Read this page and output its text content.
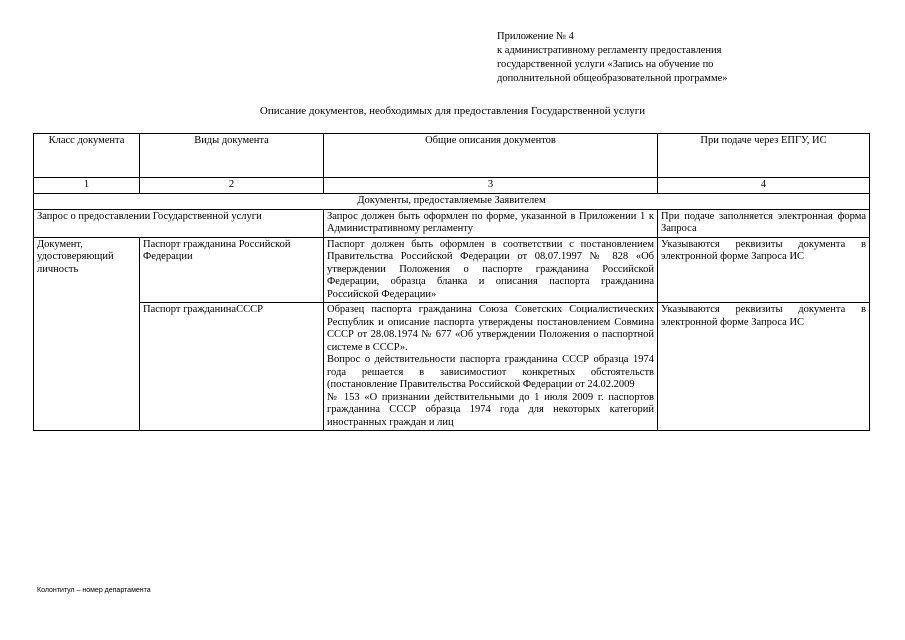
Приложение № 4
к административному регламенту предоставления
государственной услуги «Запись на обучение по
дополнительной общеобразовательной программе»
Описание документов, необходимых для предоставления Государственной услуги
Класс документа	Виды документа	Общие описания документов	При подаче через ЕПГУ, ИС
1	2	3	4
Документы, предоставляемые Заявителем			
Запрос о предоставлении Государственной услуги		Запрос должен быть оформлен по форме, указанной в Приложении 1 к Административному регламенту	При подаче заполняется электронная форма Запроса
Документ, удостоверяющий личность	Паспорт гражданина Российской Федерации	Паспорт должен быть оформлен в соответствии с постановлением Правительства Российской Федерации от 08.07.1997 № 828 «Об утверждении Положения о паспорте гражданина Российской Федерации, образца бланка и описания паспорта гражданина Российской Федерации»	Указываются реквизиты документа в электронной форме Запроса ИС
	Паспорт гражданинаСССР	Образец паспорта гражданина Союза Советских Социалистических Республик и описание паспорта утверждены постановлением Совмина СССР от 28.08.1974 № 677 «Об утверждении Положения о паспортной системе в СССР».
Вопрос о действительности паспорта гражданина СССР образца 1974 года решается в зависимостиот конкретных обстоятельств (постановление Правительства Российской Федерации от 24.02.2009
№ 153 «О признании действительными до 1 июля 2009 г. паспортов гражданина СССР образца 1974 года для некоторых категорий иностранных граждан и лиц	Указываются реквизиты документа в электронной форме Запроса ИС
Колонтитул – номер департамента
